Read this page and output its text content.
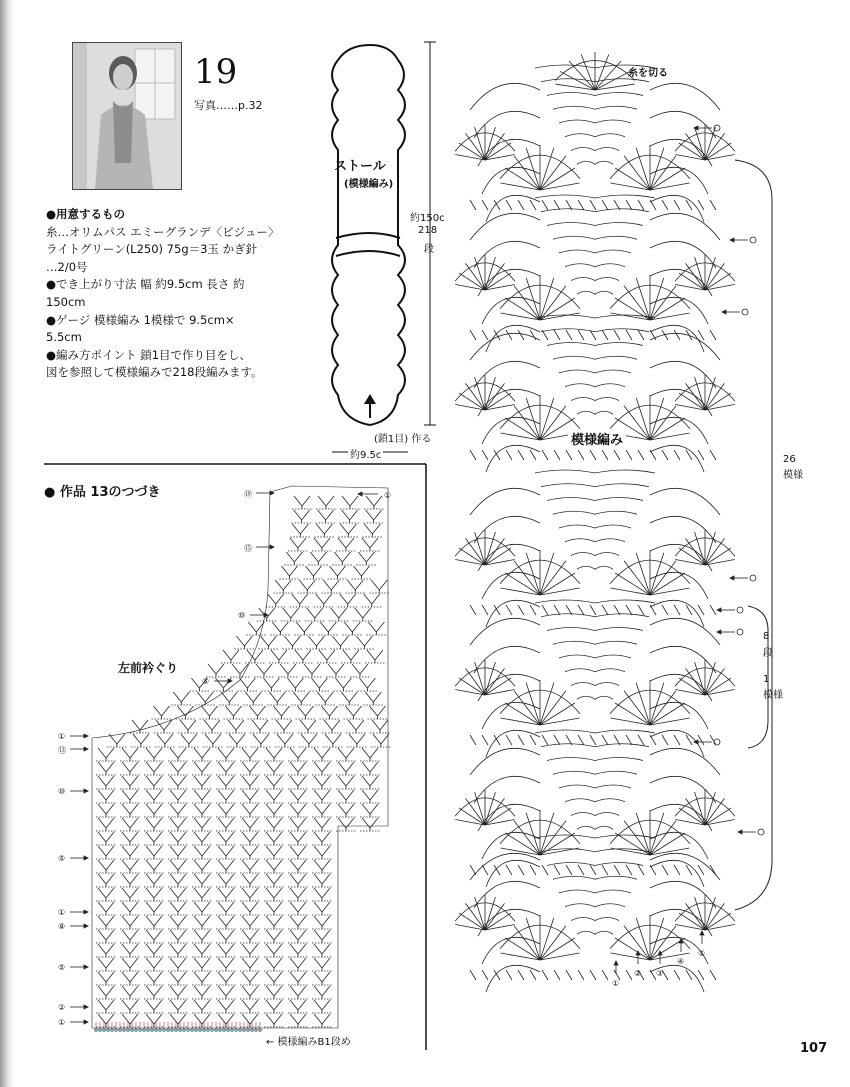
19
写真……p.32
●用意するもの
糸…オリムパス エミーグランデ〈ビジュー〉
ライトグリーン(L250) 75g＝3玉 かぎ針
…2/0号
●でき上がり寸法 幅 約9.5cm 長さ 約
150cm
●ゲージ 模様編み 1模様で 9.5cm×
5.5cm
●編み方ポイント 鎖1目で作り目をし、
図を参照して模様編みで218段編みます。
ストール
(模様編み)
約150c
218
段
(鎖1目) 作る
約9.5c
● 作品 13のつづき
左前衿ぐり
⑲
⑮
⑩
⑤
①
⑬
⑩
⑤
①
⑧
⑤
②
①
①
← 模様編みB1段め
糸を切る
模様編み
26
模様
8
段
1
模様
①
② ③
④
⑤
107
